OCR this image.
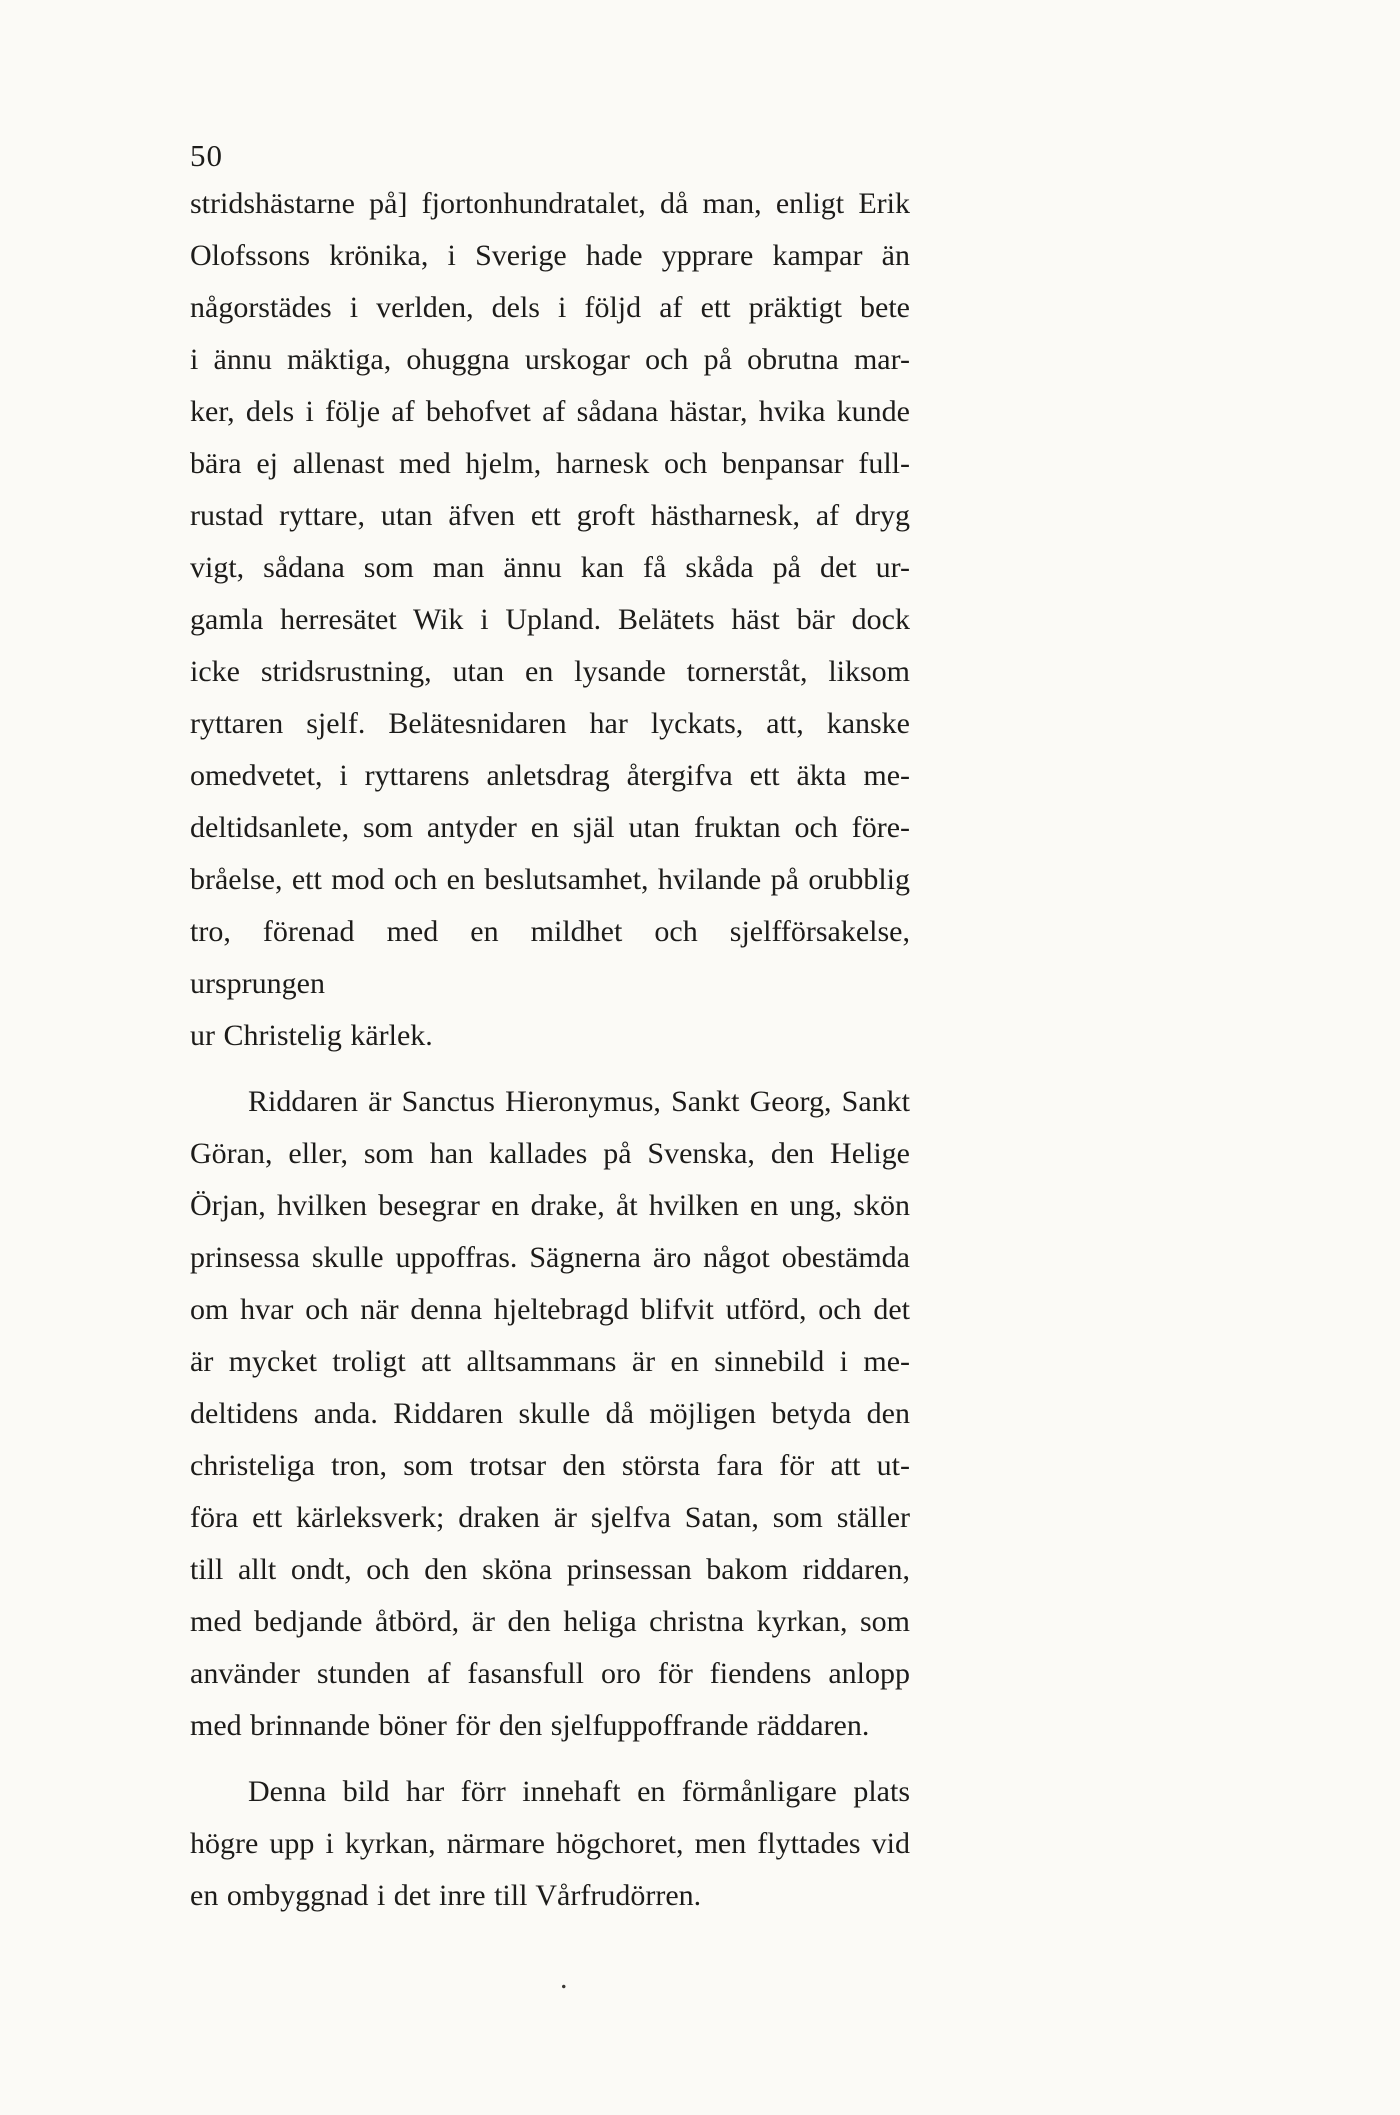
50
stridshästarne på] fjortonhundratalet, då man, enligt Erik
Olofssons krönika, i Sverige hade ypprare kampar än
någorstädes i verlden, dels i följd af ett präktigt bete
i ännu mäktiga, ohuggna urskogar och på obrutna mar-
ker, dels i följe af behofvet af sådana hästar, hvika kunde
bära ej allenast med hjelm, harnesk och benpansar full-
rustad ryttare, utan äfven ett groft hästharnesk, af dryg
vigt, sådana som man ännu kan få skåda på det ur-
gamla herresätet Wik i Upland. Belätets häst bär dock
icke stridsrustning, utan en lysande tornerståt, liksom
ryttaren sjelf. Belätesnidaren har lyckats, att, kanske
omedvetet, i ryttarens anletsdrag återgifva ett äkta me-
deltidsanlete, som antyder en själ utan fruktan och före-
bråelse, ett mod och en beslutsamhet, hvilande på orubblig
tro, förenad med en mildhet och sjelfförsakelse, ursprungen
ur Christelig kärlek.
Riddaren är Sanctus Hieronymus, Sankt Georg, Sankt
Göran, eller, som han kallades på Svenska, den Helige
Örjan, hvilken besegrar en drake, åt hvilken en ung, skön
prinsessa skulle uppoffras. Sägnerna äro något obestämda
om hvar och när denna hjeltebragd blifvit utförd, och det
är mycket troligt att alltsammans är en sinnebild i me-
deltidens anda. Riddaren skulle då möjligen betyda den
christeliga tron, som trotsar den största fara för att ut-
föra ett kärleksverk; draken är sjelfva Satan, som ställer
till allt ondt, och den sköna prinsessan bakom riddaren,
med bedjande åtbörd, är den heliga christna kyrkan, som
använder stunden af fasansfull oro för fiendens anlopp
med brinnande böner för den sjelfuppoffrande räddaren.
Denna bild har förr innehaft en förmånligare plats
högre upp i kyrkan, närmare högchoret, men flyttades vid
en ombyggnad i det inre till Vårfrudörren.
.
